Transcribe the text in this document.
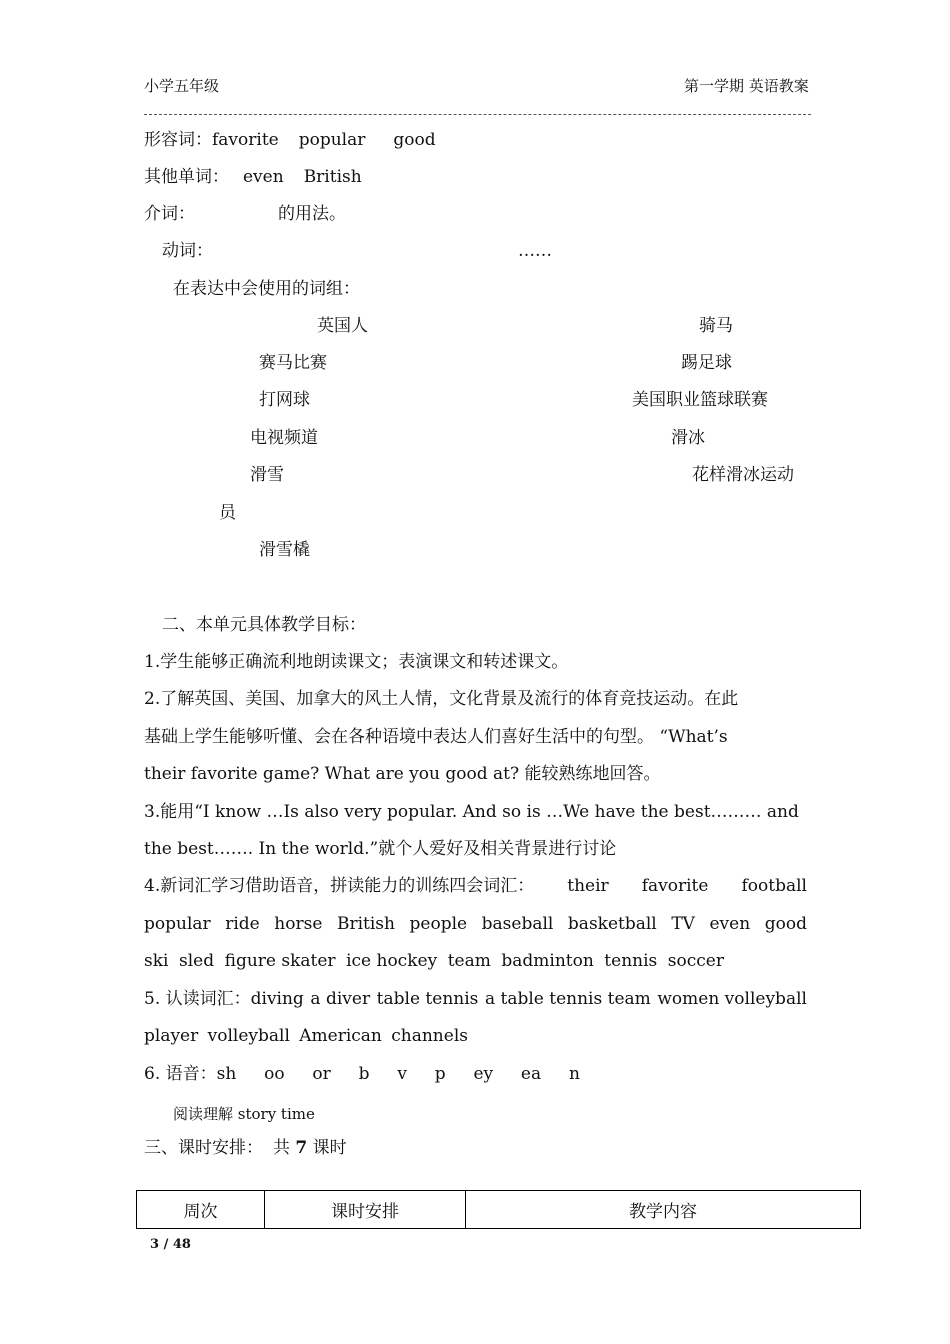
小学五年级	第一学期 英语教案
形容词：favorite popular good
其他单词： even British
介词：	的用法。
动词：	……
在表达中会使用的词组：
英国人	骑马
赛马比赛	踢足球
打网球	美国职业篮球联赛
电视频道	滑冰
滑雪	花样滑冰运动
员
滑雪橇
二、本单元具体教学目标：
1.学生能够正确流利地朗读课文；表演课文和转述课文。
2.了解英国、美国、加拿大的风土人情，文化背景及流行的体育竞技运动。在此
基础上学生能够听懂、会在各种语境中表达人们喜好生活中的句型。 “What’s
their favorite game? What are you good at? 能较熟练地回答。
3.能用“I know …Is also very popular. And so is …We have the best……… and
the best……. In the world.”就个人爱好及相关背景进行讨论
4.新词汇学习借助语音，拼读能力的训练四会词汇： their favorite football
popular ride horse British people baseball basketball TV even good
ski sled figure skater ice hockey team badminton tennis soccer
5. 认读词汇：diving a diver table tennis a table tennis team women volleyball
player volleyball American channels
6. 语音：sh oo or b v p ey ea n
阅读理解 story time
三、课时安排： 共 7 课时
周次	课时安排	教学内容
3 / 48
